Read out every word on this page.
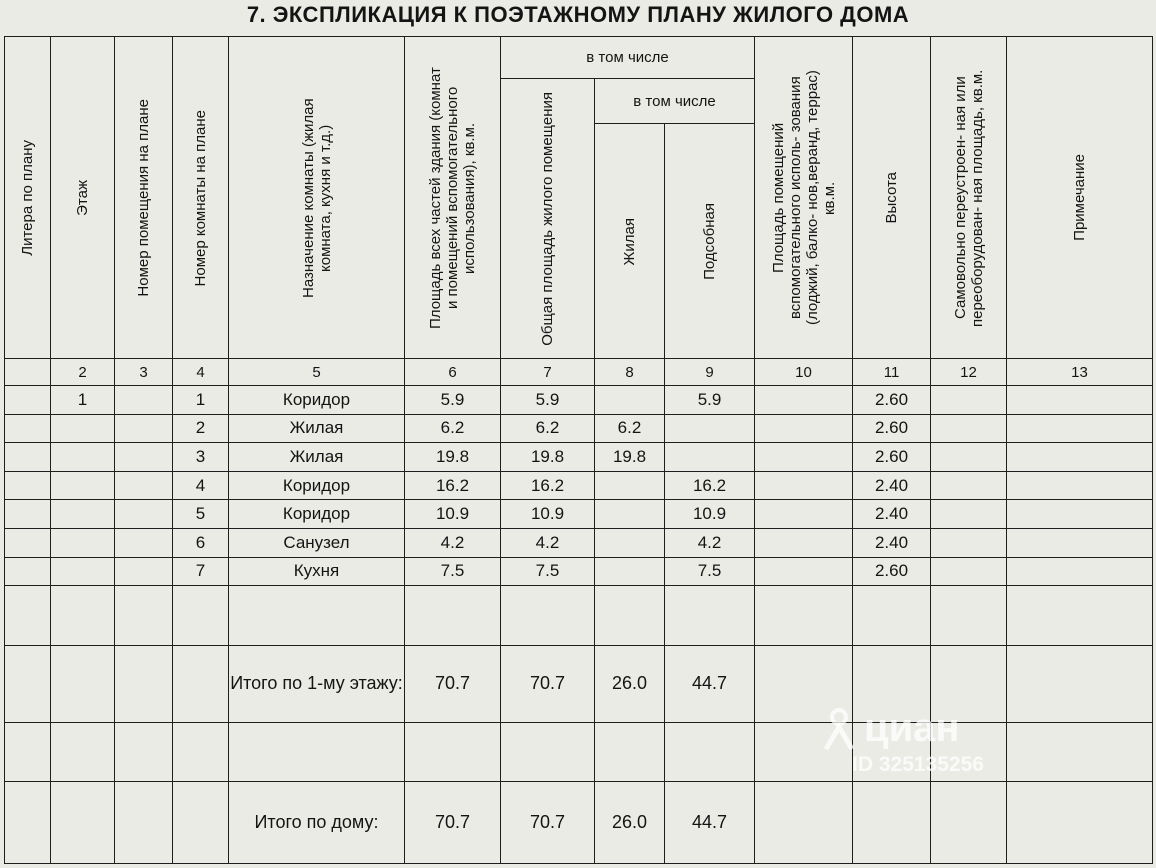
7. ЭКСПЛИКАЦИЯ К ПОЭТАЖНОМУ ПЛАНУ ЖИЛОГО ДОМА
Литера по плану	Этаж	Номер помещения на плане	Номер комнаты на плане	Назначение комнаты (жилая комната, кухня и т.д.)	Площадь всех частей здания (комнат и помещений вспомогательного использования), кв.м.	в том числе			Площадь помещений вспомогательного исполь- зования (лоджий, балко- нов,веранд, террас) кв.м.	Высота	Самовольно переустроен- ная или переоборудован- ная площадь, кв.м.	Примечание

						Общая площадь жилого помещения	в том числе					

							Жилая	Подсобная				

	2	3	4	5	6	7	8	9	10	11	12	13
	1		1	Коридор	5.9	5.9		5.9		2.60		
			2	Жилая	6.2	6.2	6.2			2.60		
			3	Жилая	19.8	19.8	19.8			2.60		
			4	Коридор	16.2	16.2		16.2		2.40		
			5	Коридор	10.9	10.9		10.9		2.40		
			6	Санузел	4.2	4.2		4.2		2.40		
			7	Кухня	7.5	7.5		7.5		2.60		

				Итого по 1-му этажу:	70.7	70.7	26.0	44.7				

				Итого по дому:	70.7	70.7	26.0	44.7				
циан
ID 325135256
